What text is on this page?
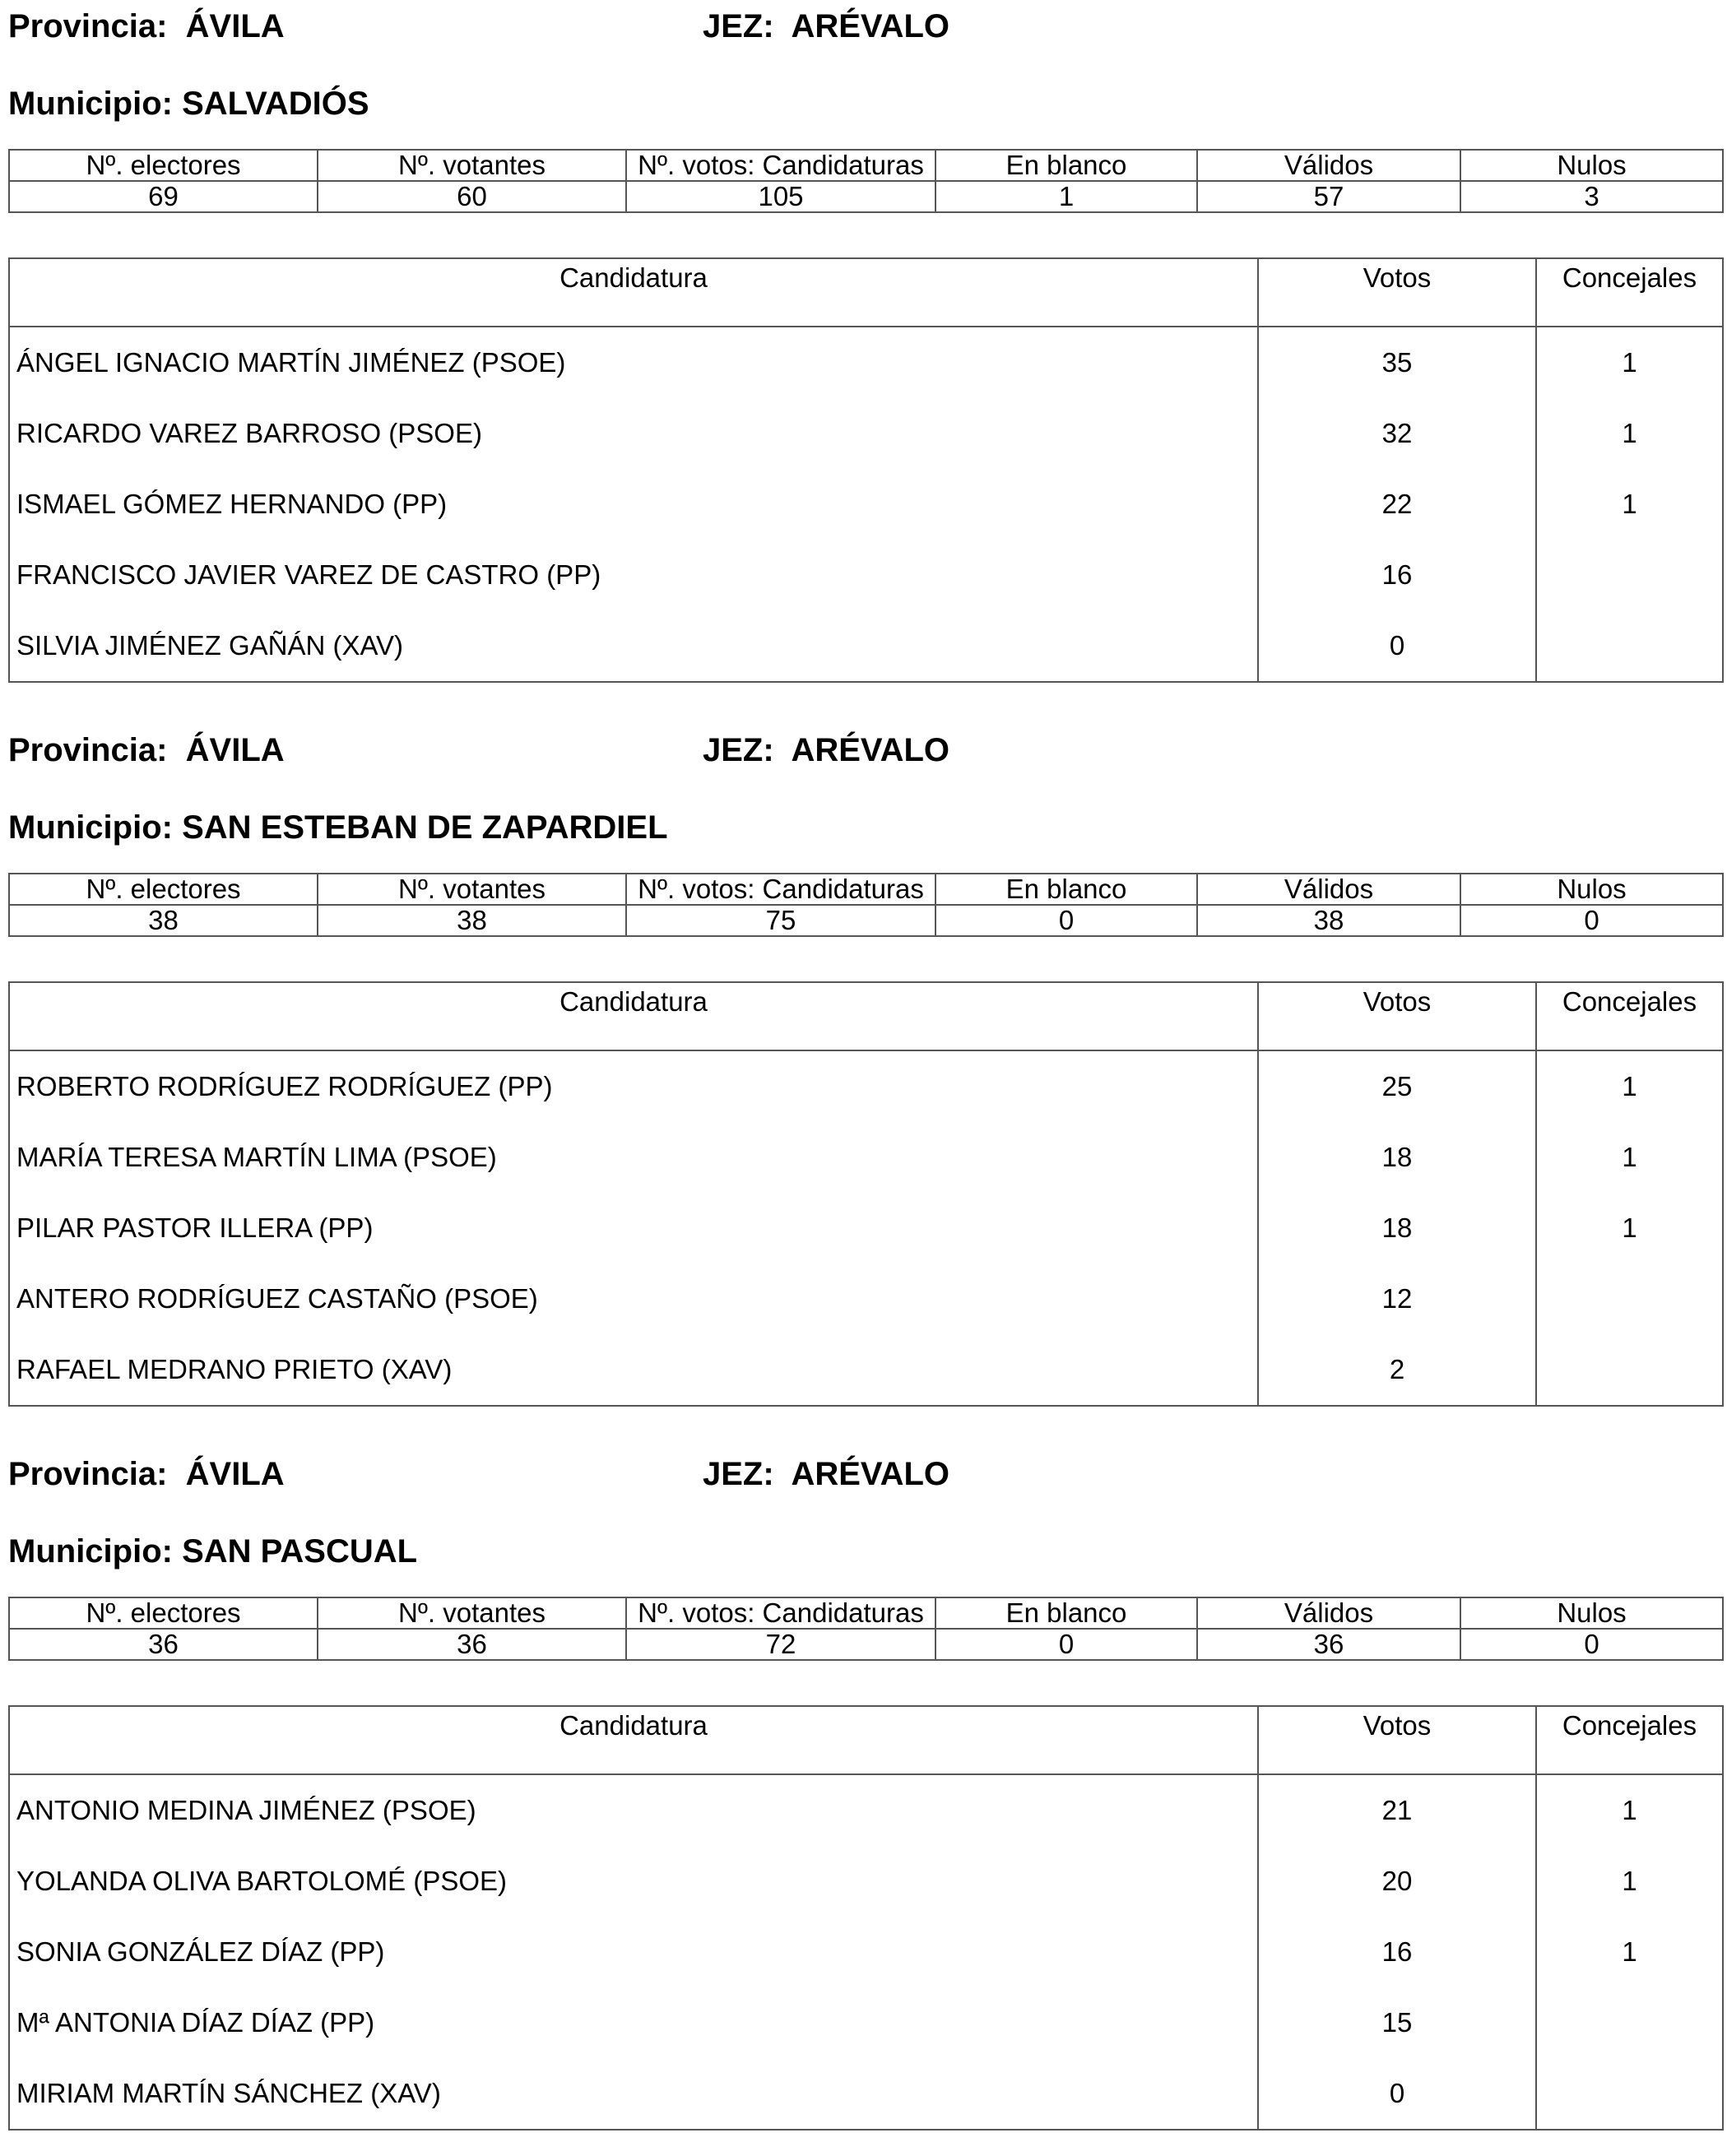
Provincia: ÁVILA	JEZ: ARÉVALO
Municipio: SALVADIÓS
Nº. electores	Nº. votantes	Nº. votos: Candidaturas	En blanco	Válidos	Nulos
69	60	105	1	57	3
Candidatura	Votos	Concejales
ÁNGEL IGNACIO MARTÍN JIMÉNEZ (PSOE)	35	1
RICARDO VAREZ BARROSO (PSOE)	32	1
ISMAEL GÓMEZ HERNANDO (PP)	22	1
FRANCISCO JAVIER VAREZ DE CASTRO (PP)	16	
SILVIA JIMÉNEZ GAÑÁN (XAV)	0	
Provincia: ÁVILA	JEZ: ARÉVALO
Municipio: SAN ESTEBAN DE ZAPARDIEL
Nº. electores	Nº. votantes	Nº. votos: Candidaturas	En blanco	Válidos	Nulos
38	38	75	0	38	0
Candidatura	Votos	Concejales
ROBERTO RODRÍGUEZ RODRÍGUEZ (PP)	25	1
MARÍA TERESA MARTÍN LIMA (PSOE)	18	1
PILAR PASTOR ILLERA (PP)	18	1
ANTERO RODRÍGUEZ CASTAÑO (PSOE)	12	
RAFAEL MEDRANO PRIETO (XAV)	2	
Provincia: ÁVILA	JEZ: ARÉVALO
Municipio: SAN PASCUAL
Nº. electores	Nº. votantes	Nº. votos: Candidaturas	En blanco	Válidos	Nulos
36	36	72	0	36	0
Candidatura	Votos	Concejales
ANTONIO MEDINA JIMÉNEZ (PSOE)	21	1
YOLANDA OLIVA BARTOLOMÉ (PSOE)	20	1
SONIA GONZÁLEZ DÍAZ (PP)	16	1
Mª ANTONIA DÍAZ DÍAZ (PP)	15	
MIRIAM MARTÍN SÁNCHEZ (XAV)	0	
